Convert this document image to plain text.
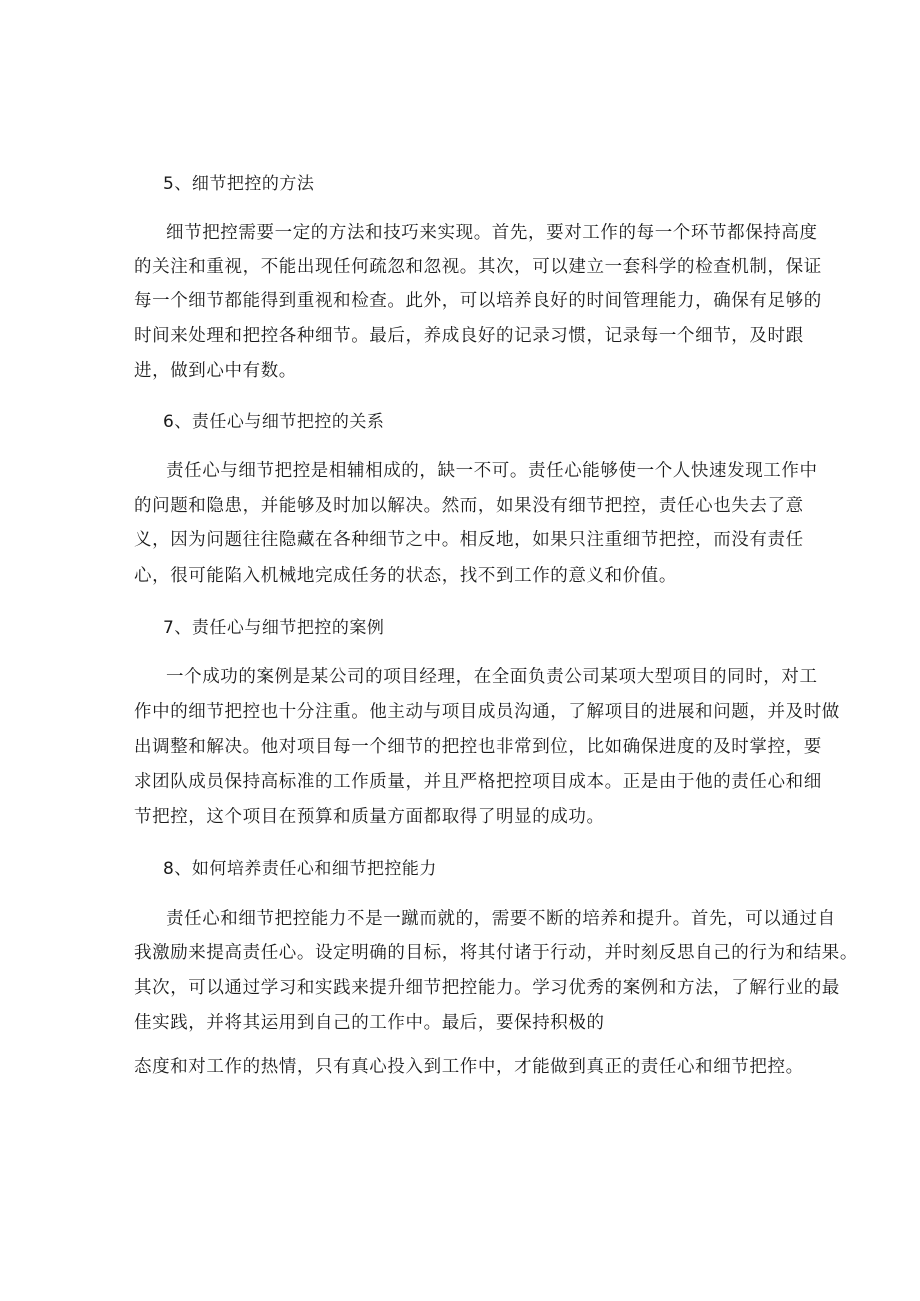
5、细节把控的方法
细节把控需要一定的方法和技巧来实现。首先，要对工作的每一个环节都保持高度
的关注和重视，不能出现任何疏忽和忽视。其次，可以建立一套科学的检查机制，保证
每一个细节都能得到重视和检查。此外，可以培养良好的时间管理能力，确保有足够的
时间来处理和把控各种细节。最后，养成良好的记录习惯，记录每一个细节，及时跟
进，做到心中有数。
6、责任心与细节把控的关系
责任心与细节把控是相辅相成的，缺一不可。责任心能够使一个人快速发现工作中
的问题和隐患，并能够及时加以解决。然而，如果没有细节把控，责任心也失去了意
义，因为问题往往隐藏在各种细节之中。相反地，如果只注重细节把控，而没有责任
心，很可能陷入机械地完成任务的状态，找不到工作的意义和价值。
7、责任心与细节把控的案例
一个成功的案例是某公司的项目经理，在全面负责公司某项大型项目的同时，对工
作中的细节把控也十分注重。他主动与项目成员沟通，了解项目的进展和问题，并及时做
出调整和解决。他对项目每一个细节的把控也非常到位，比如确保进度的及时掌控，要
求团队成员保持高标准的工作质量，并且严格把控项目成本。正是由于他的责任心和细
节把控，这个项目在预算和质量方面都取得了明显的成功。
8、如何培养责任心和细节把控能力
责任心和细节把控能力不是一蹴而就的，需要不断的培养和提升。首先，可以通过自
我激励来提高责任心。设定明确的目标，将其付诸于行动，并时刻反思自己的行为和结果。
其次，可以通过学习和实践来提升细节把控能力。学习优秀的案例和方法，了解行业的最
佳实践，并将其运用到自己的工作中。最后，要保持积极的
态度和对工作的热情，只有真心投入到工作中，才能做到真正的责任心和细节把控。
